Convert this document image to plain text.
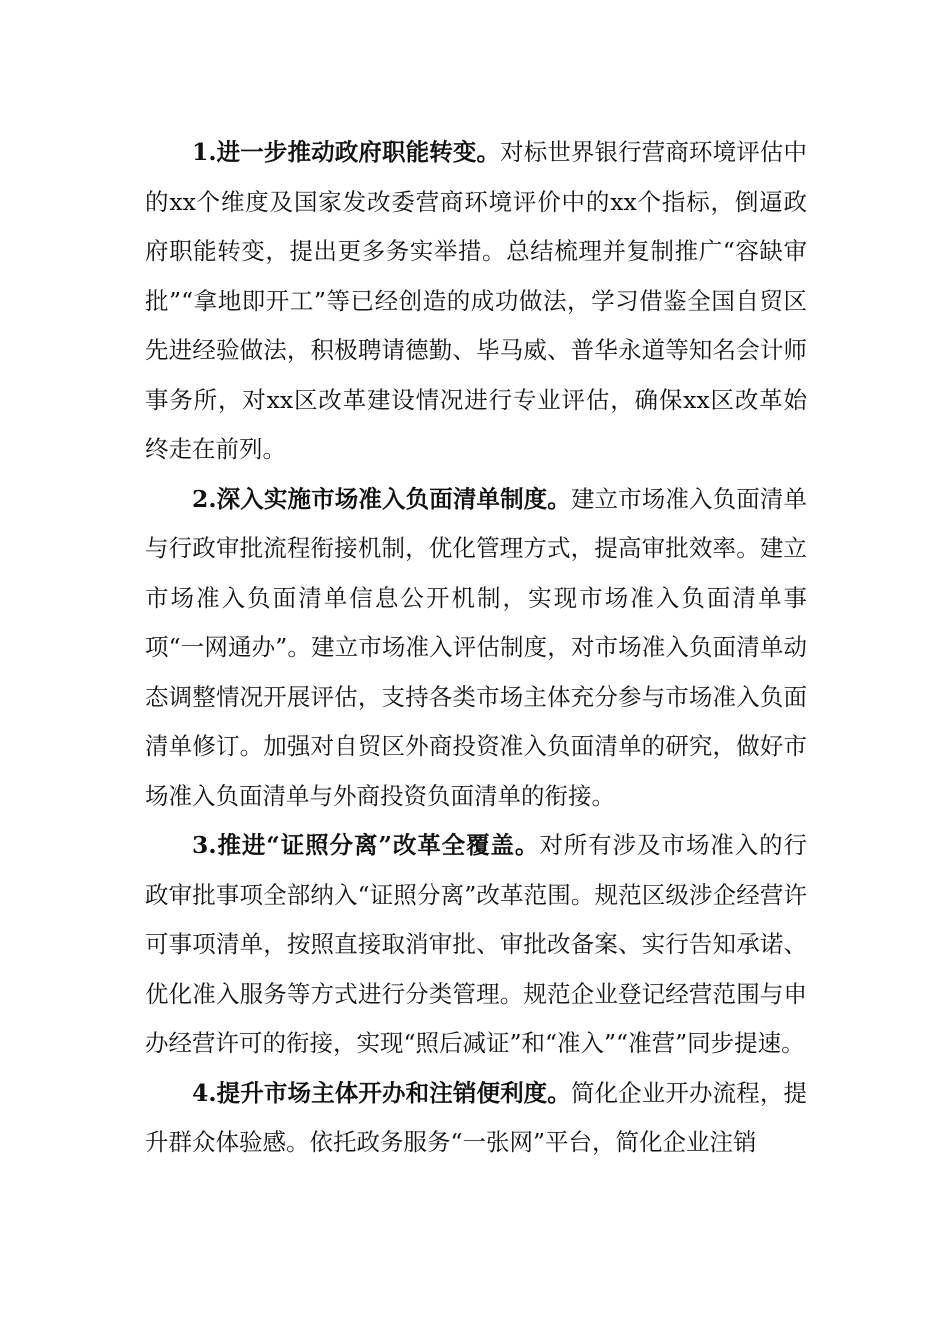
1.进一步推动政府职能转变。对标世界银行营商环境评估中的xx个维度及国家发改委营商环境评价中的xx个指标，倒逼政府职能转变，提出更多务实举措。总结梳理并复制推广“容缺审批”“拿地即开工”等已经创造的成功做法，学习借鉴全国自贸区先进经验做法，积极聘请德勤、毕马威、普华永道等知名会计师事务所，对xx区改革建设情况进行专业评估，确保xx区改革始终走在前列。

2.深入实施市场准入负面清单制度。建立市场准入负面清单与行政审批流程衔接机制，优化管理方式，提高审批效率。建立市场准入负面清单信息公开机制，实现市场准入负面清单事项“一网通办”。建立市场准入评估制度，对市场准入负面清单动态调整情况开展评估，支持各类市场主体充分参与市场准入负面清单修订。加强对自贸区外商投资准入负面清单的研究，做好市场准入负面清单与外商投资负面清单的衔接。

3.推进“证照分离”改革全覆盖。对所有涉及市场准入的行政审批事项全部纳入“证照分离”改革范围。规范区级涉企经营许可事项清单，按照直接取消审批、审批改备案、实行告知承诺、优化准入服务等方式进行分类管理。规范企业登记经营范围与申办经营许可的衔接，实现“照后减证”和“准入”“准营”同步提速。

4.提升市场主体开办和注销便利度。简化企业开办流程，提升群众体验感。依托政务服务“一张网”平台，简化企业注销
